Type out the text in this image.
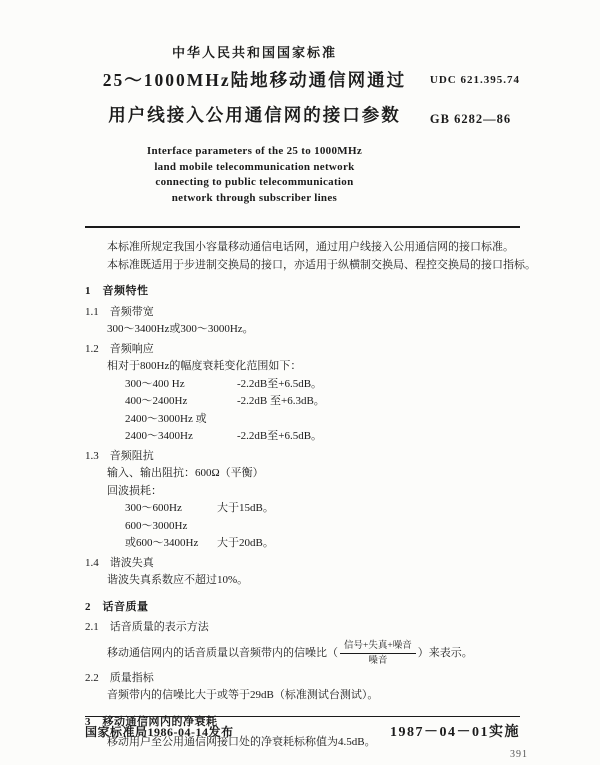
中华人民共和国国家标准
25～1000MHz陆地移动通信网通过
用户线接入公用通信网的接口参数
Interface parameters of the 25 to 1000MHz
land mobile telecommunication network
connecting to public telecommunication
network through subscriber lines
UDC 621.395.74
GB 6282—86

本标准所规定我国小容量移动通信电话网，通过用户线接入公用通信网的接口标准。

本标准既适用于步进制交换局的接口，亦适用于纵横制交换局、程控交换局的接口指标。

1　音频特性

1.1　音频带宽

300～3400Hz或300～3000Hz。

1.2　音频响应

相对于800Hz的幅度衰耗变化范围如下：

300～400 Hz	-2.2dB至+6.5dB。
400～2400Hz	-2.2dB 至+6.3dB。
2400～3000Hz 或
2400～3400Hz	-2.2dB至+6.5dB。

1.3　音频阻抗

输入、输出阻抗：600Ω（平衡）

回波损耗：

300～600Hz	大于15dB。
600～3000Hz
或600～3400Hz	大于20dB。

1.4　谐波失真

谐波失真系数应不超过10%。

2　话音质量

2.1　话音质量的表示方法

移动通信网内的话音质量以音频带内的信噪比（ $\frac{\text{信号+失真+噪音}}{\text{噪音}}$ ）来表示。

2.2　质量指标

音频带内的信噪比大于或等于29dB（标准测试台测试）。

3　移动通信网内的净衰耗

移动用户至公用通信网接口处的净衰耗标称值为4.5dB。

国家标准局1986-04-14发布	1987－04－01实施
391
